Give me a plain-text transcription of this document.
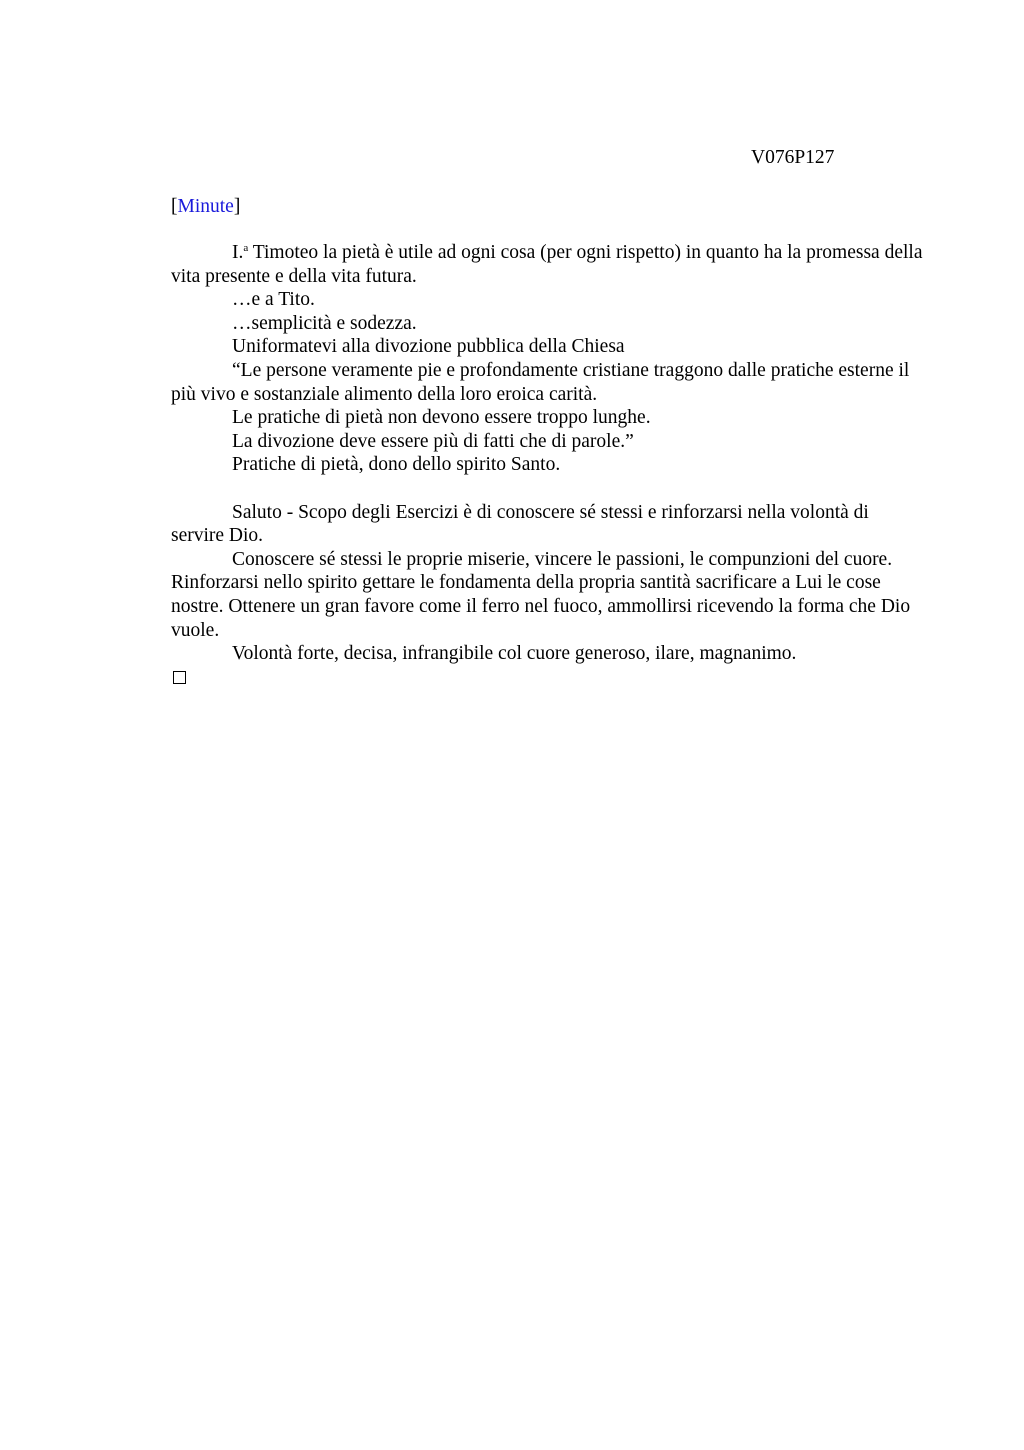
V076P127
[Minute]

I.$^a$ Timoteo la pietà è utile ad ogni cosa (per ogni rispetto) in quanto ha la promessa della vita presente e della vita futura.

…e a Tito.

…semplicità e sodezza.

Uniformatevi alla divozione pubblica della Chiesa

“Le persone veramente pie e profondamente cristiane traggono dalle pratiche esterne il più vivo e sostanziale alimento della loro eroica carità.

Le pratiche di pietà non devono essere troppo lunghe.

La divozione deve essere più di fatti che di parole.”

Pratiche di pietà, dono dello spirito Santo.

Saluto - Scopo degli Esercizi è di conoscere sé stessi e rinforzarsi nella volontà di servire Dio.

Conoscere sé stessi le proprie miserie, vincere le passioni, le compunzioni del cuore. Rinforzarsi nello spirito gettare le fondamenta della propria santità sacrificare a Lui le cose nostre. Ottenere un gran favore come il ferro nel fuoco, ammollirsi ricevendo la forma che Dio vuole.

Volontà forte, decisa, infrangibile col cuore generoso, ilare, magnanimo.
